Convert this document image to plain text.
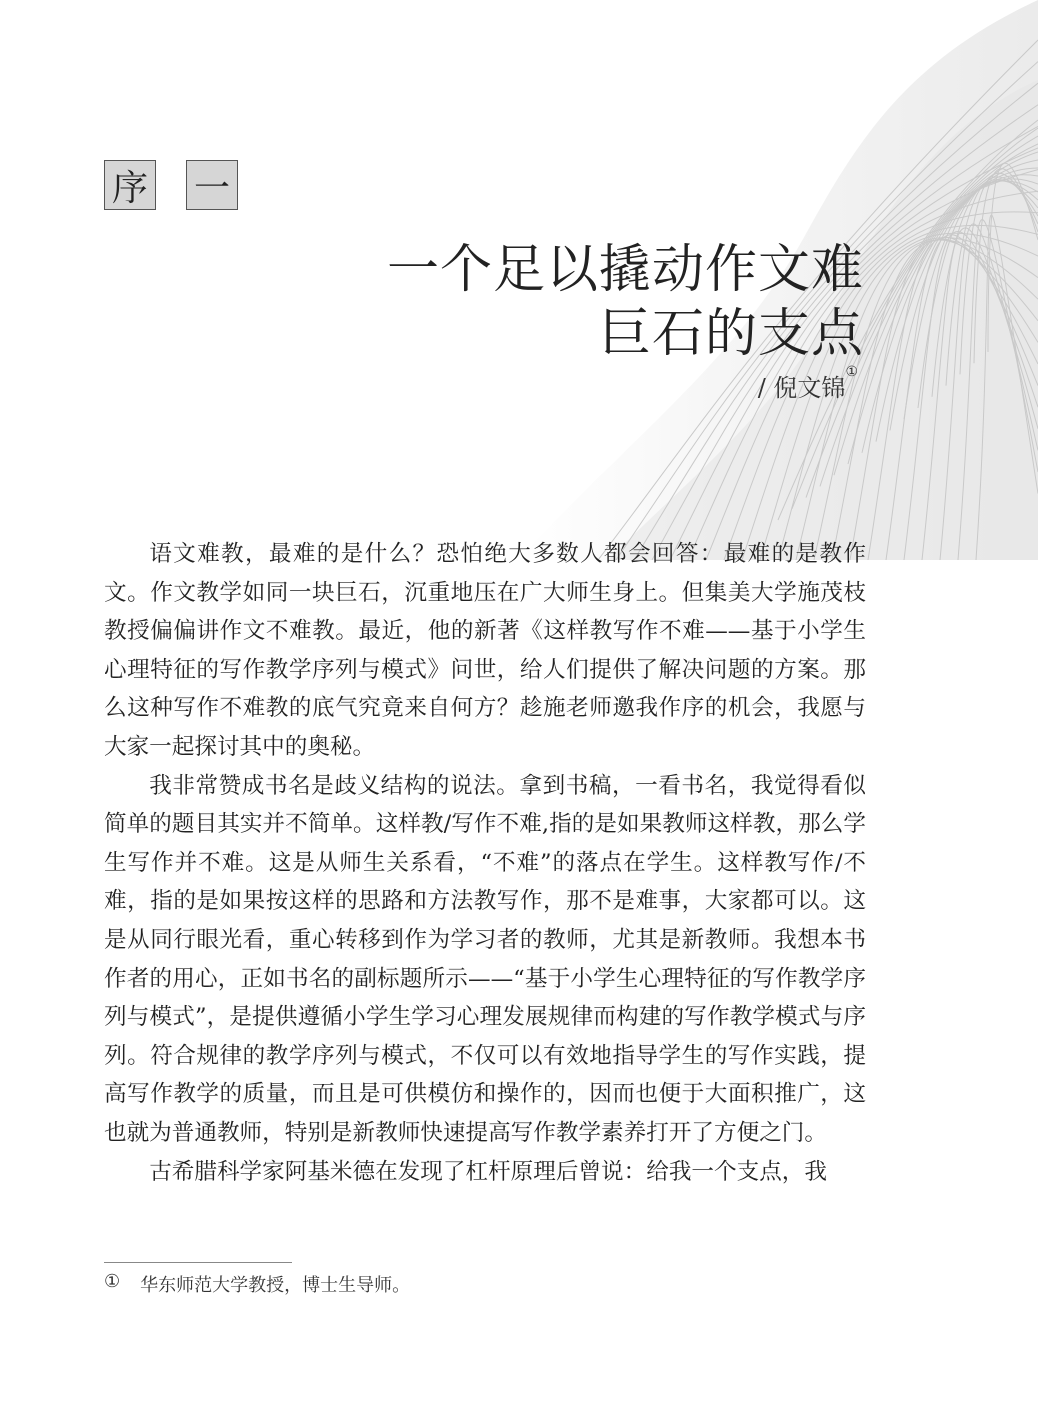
序 一
一个足以撬动作文难
巨石的支点
/ 倪文锦①

语文难教，最难的是什么？恐怕绝大多数人都会回答：最难的是教作文。作文教学如同一块巨石，沉重地压在广大师生身上。但集美大学施茂枝教授偏偏讲作文不难教。最近，他的新著《这样教写作不难——基于小学生心理特征的写作教学序列与模式》问世，给人们提供了解决问题的方案。那么这种写作不难教的底气究竟来自何方？趁施老师邀我作序的机会，我愿与大家一起探讨其中的奥秘。

我非常赞成书名是歧义结构的说法。拿到书稿，一看书名，我觉得看似简单的题目其实并不简单。这样教/写作不难,指的是如果教师这样教，那么学生写作并不难。这是从师生关系看，“不难”的落点在学生。这样教写作/不难，指的是如果按这样的思路和方法教写作，那不是难事，大家都可以。这是从同行眼光看，重心转移到作为学习者的教师，尤其是新教师。我想本书作者的用心，正如书名的副标题所示——“基于小学生心理特征的写作教学序列与模式”，是提供遵循小学生学习心理发展规律而构建的写作教学模式与序列。符合规律的教学序列与模式，不仅可以有效地指导学生的写作实践，提高写作教学的质量，而且是可供模仿和操作的，因而也便于大面积推广，这也就为普通教师，特别是新教师快速提高写作教学素养打开了方便之门。

古希腊科学家阿基米德在发现了杠杆原理后曾说：给我一个支点，我

① 华东师范大学教授，博士生导师。
